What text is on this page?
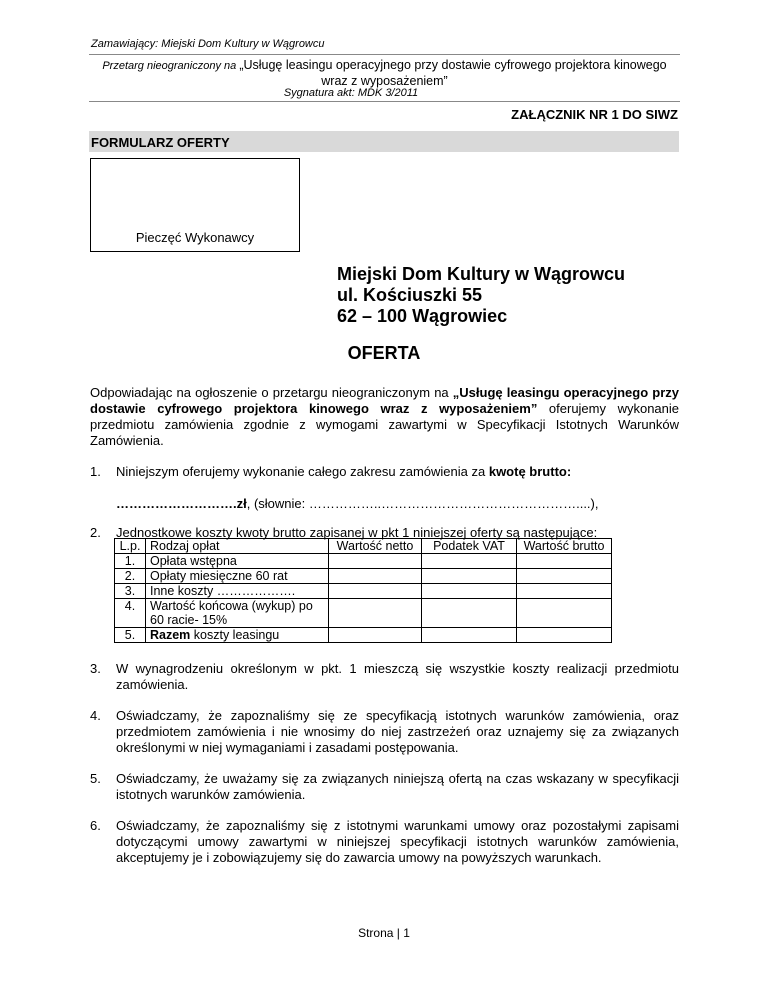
Zamawiający: Miejski Dom Kultury w Wągrowcu
Przetarg nieograniczony na „Usługę leasingu operacyjnego przy dostawie cyfrowego projektora kinowego wraz z wyposażeniem”
Sygnatura akt: MDK 3/2011
ZAŁĄCZNIK NR 1 DO SIWZ
FORMULARZ OFERTY
Pieczęć Wykonawcy
Miejski Dom Kultury w Wągrowcu
ul. Kościuszki 55
62 – 100 Wągrowiec
OFERTA
Odpowiadając na ogłoszenie o przetargu nieograniczonym na „Usługę leasingu operacyjnego przy dostawie cyfrowego projektora kinowego wraz z wyposażeniem” oferujemy wykonanie przedmiotu zamówienia zgodnie z wymogami zawartymi w Specyfikacji Istotnych Warunków Zamówienia.
1. Niniejszym oferujemy wykonanie całego zakresu zamówienia za kwotę brutto:
……………………….zł, (słownie: ……………..………………………………………....),
2. Jednostkowe koszty kwoty brutto zapisanej w pkt 1 niniejszej oferty są następujące:
L.p.	Rodzaj opłat	Wartość netto	Podatek VAT	Wartość brutto
1.	Opłata wstępna			
2.	Opłaty miesięczne 60 rat			
3.	Inne koszty ……………….			
4.	Wartość końcowa (wykup) po 60 racie- 15%			
5.	Razem koszty leasingu			
3. W wynagrodzeniu określonym w pkt. 1 mieszczą się wszystkie koszty realizacji przedmiotu zamówienia.
4. Oświadczamy, że zapoznaliśmy się ze specyfikacją istotnych warunków zamówienia, oraz przedmiotem zamówienia i nie wnosimy do niej zastrzeżeń oraz uznajemy się za związanych określonymi w niej wymaganiami i zasadami postępowania.
5. Oświadczamy, że uważamy się za związanych niniejszą ofertą na czas wskazany w specyfikacji istotnych warunków zamówienia.
6. Oświadczamy, że zapoznaliśmy się z istotnymi warunkami umowy oraz pozostałymi zapisami dotyczącymi umowy zawartymi w niniejszej specyfikacji istotnych warunków zamówienia, akceptujemy je i zobowiązujemy się do zawarcia umowy na powyższych warunkach.
Strona | 1
